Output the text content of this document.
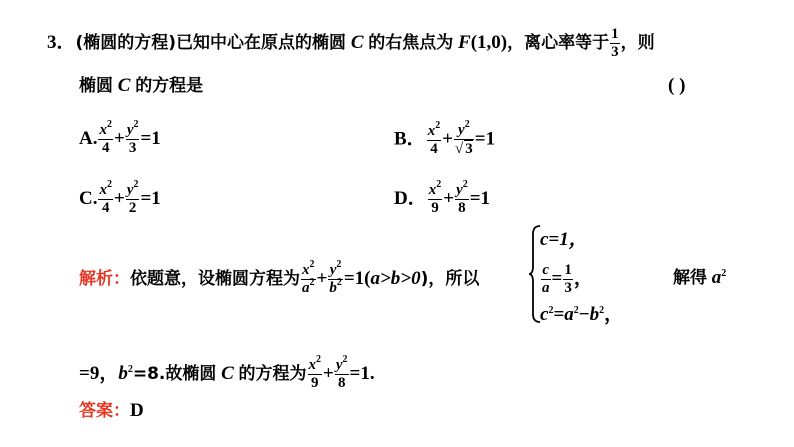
3．(椭圆的方程)已知中心在原点的椭圆 C 的右焦点为 F(1,0)，离心率等于 $\frac{1}{3}$ ，则
椭圆 C 的方程是	( )
A. $\frac{x^2}{4} + \frac{y^2}{3} =1$	B． $\frac{x^2}{4} + \frac{y^2}{√ 3} =1$
C. $\frac{x^2}{4} + \frac{y^2}{2} =1$	D． $\frac{x^2}{9} + \frac{y^2}{8} =1$
解析：依题意，设椭圆方程为 $\frac{x^2}{a^2} + \frac{y^2}{b^2} =1(a>b>0)$，所以
c=1，
$\frac{c}{a} = \frac{1}{3}$ ，
$c^2=a^2-b^2$，
解得 $a^2$
=9，$b^2=8$.故椭圆 C 的方程为 $\frac{x^2}{9} + \frac{y^2}{8} =1$.
答案：D
